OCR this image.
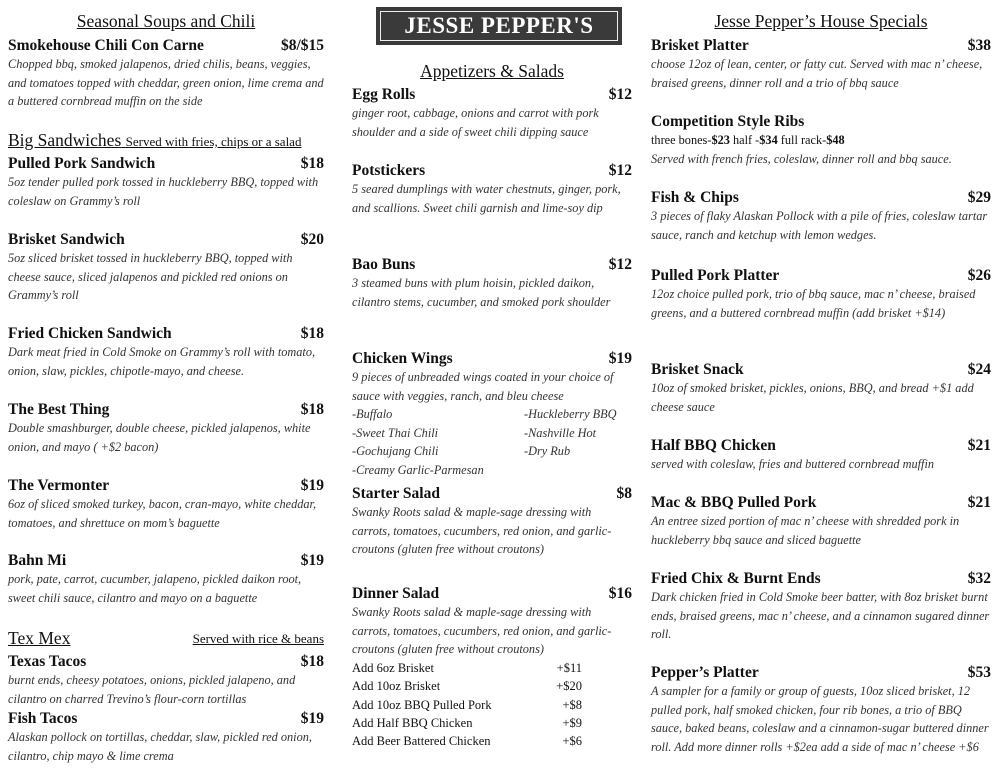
JESSE PEPPER'S
Seasonal Soups and Chili
Smokehouse Chili Con Carne	$8/$15
Chopped bbq, smoked jalapenos, dried chilis, beans, veggies, and tomatoes topped with cheddar, green onion, lime crema and a buttered cornbread muffin on the side
Big Sandwiches Served with fries, chips or a salad
Pulled Pork Sandwich	$18
5oz tender pulled pork tossed in huckleberry BBQ, topped with coleslaw on Grammy’s roll
Brisket Sandwich	$20
5oz sliced brisket tossed in huckleberry BBQ, topped with cheese sauce, sliced jalapenos and pickled red onions on Grammy’s roll
Fried Chicken Sandwich	$18
Dark meat fried in Cold Smoke on Grammy’s roll with tomato, onion, slaw, pickles, chipotle-mayo, and cheese.
The Best Thing	$18
Double smashburger, double cheese, pickled jalapenos, white onion, and mayo ( +$2 bacon)
The Vermonter	$19
6oz of sliced smoked turkey, bacon, cran-mayo, white cheddar, tomatoes, and shrettuce on mom’s baguette
Bahn Mi	$19
pork, pate, carrot, cucumber, jalapeno, pickled daikon root, sweet chili sauce, cilantro and mayo on a baguette
Tex Mex	Served with rice & beans
Texas Tacos	$18
burnt ends, cheesy potatoes, onions, pickled jalapeno, and cilantro on charred Trevino’s flour-corn tortillas
Fish Tacos	$19
Alaskan pollock on tortillas, cheddar, slaw, pickled red onion, cilantro, chip mayo & lime crema
Appetizers & Salads
Egg Rolls	$12
ginger root, cabbage, onions and carrot with pork shoulder and a side of sweet chili dipping sauce
Potstickers	$12
5 seared dumplings with water chestnuts, ginger, pork, and scallions. Sweet chili garnish and lime-soy dip
Bao Buns	$12
3 steamed buns with plum hoisin, pickled daikon, cilantro stems, cucumber, and smoked pork shoulder
Chicken Wings	$19
9 pieces of unbreaded wings coated in your choice of sauce with veggies, ranch, and bleu cheese
-Buffalo	-Huckleberry BBQ
-Sweet Thai Chili	-Nashville Hot
-Gochujang Chili	-Dry Rub
-Creamy Garlic-Parmesan
Starter Salad	$8
Swanky Roots salad & maple-sage dressing with carrots, tomatoes, cucumbers, red onion, and garlic-croutons (gluten free without croutons)
Dinner Salad	$16
Swanky Roots salad & maple-sage dressing with carrots, tomatoes, cucumbers, red onion, and garlic-croutons (gluten free without croutons)
Add 6oz Brisket	+$11
Add 10oz Brisket	+$20
Add 10oz BBQ Pulled Pork	+$8
Add Half BBQ Chicken	+$9
Add Beer Battered Chicken	+$6
Jesse Pepper’s House Specials
Brisket Platter	$38
choose 12oz of lean, center, or fatty cut. Served with mac n’ cheese, braised greens, dinner roll and a trio of bbq sauce
Competition Style Ribs
three bones-$23 half -$34 full rack-$48
Served with french fries, coleslaw, dinner roll and bbq sauce.
Fish & Chips	$29
3 pieces of flaky Alaskan Pollock with a pile of fries, coleslaw tartar sauce, ranch and ketchup with lemon wedges.
Pulled Pork Platter	$26
12oz choice pulled pork, trio of bbq sauce, mac n’ cheese, braised greens, and a buttered cornbread muffin (add brisket +$14)
Brisket Snack	$24
10oz of smoked brisket, pickles, onions, BBQ, and bread +$1 add cheese sauce
Half BBQ Chicken	$21
served with coleslaw, fries and buttered cornbread muffin
Mac & BBQ Pulled Pork	$21
An entree sized portion of mac n’ cheese with shredded pork in huckleberry bbq sauce and sliced baguette
Fried Chix & Burnt Ends	$32
Dark chicken fried in Cold Smoke beer batter, with 8oz brisket burnt ends, braised greens, mac n’ cheese, and a cinnamon sugared dinner roll.
Pepper’s Platter	$53
A sampler for a family or group of guests, 10oz sliced brisket, 12 pulled pork, half smoked chicken, four rib bones, a trio of BBQ sauce, baked beans, coleslaw and a cinnamon-sugar buttered dinner roll. Add more dinner rolls +$2ea add a side of mac n’ cheese +$6
